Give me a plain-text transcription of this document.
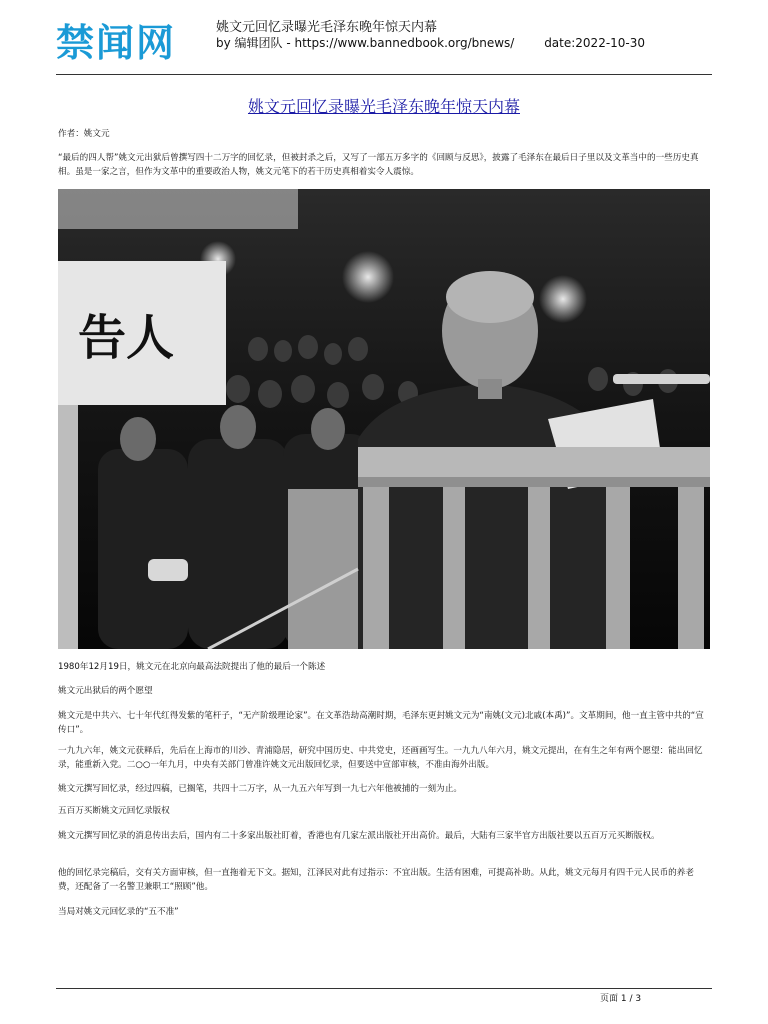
禁闻网	姚文元回忆录曝光毛泽东晚年惊天内幕
by 编辑团队 - https://www.bannedbook.org/bnews/ date:2022-10-30
姚文元回忆录曝光毛泽东晚年惊天内幕

作者：姚文元

“最后的四人帮”姚文元出狱后曾撰写四十二万字的回忆录，但被封杀之后，又写了一部五万多字的《回顾与反思》，披露了毛泽东在最后日子里以及文革当中的一些历史真相。虽是一家之言，但作为文革中的重要政治人物，姚文元笔下的若干历史真相着实令人震惊。

告人

1980年12月19日，姚文元在北京向最高法院提出了他的最后一个陈述

姚文元出狱后的两个愿望

姚文元是中共六、七十年代红得发紫的笔杆子，“无产阶级理论家”。在文革浩劫高潮时期，毛泽东更封姚文元为“南姚(文元)北戚(本禹)”。文革期间，他一直主管中共的“宣传口”。

一九九六年，姚文元获释后，先后在上海市的川沙、青浦隐居，研究中国历史、中共党史，还画画写生。一九九八年六月，姚文元提出，在有生之年有两个愿望：能出回忆录，能重新入党。二○○一年九月，中央有关部门曾准许姚文元出版回忆录，但要送中宣部审核，不准由海外出版。

姚文元撰写回忆录，经过四稿，已搁笔，共四十二万字，从一九五六年写到一九七六年他被捕的一刻为止。

五百万买断姚文元回忆录版权

姚文元撰写回忆录的消息传出去后，国内有二十多家出版社盯着，香港也有几家左派出版社开出高价。最后，大陆有三家半官方出版社要以五百万元买断版权。

他的回忆录完稿后，交有关方面审核，但一直拖着无下文。据知，江泽民对此有过指示：不宜出版。生活有困难，可提高补助。从此，姚文元每月有四千元人民币的养老费，还配备了一名警卫兼职工“照顾”他。

当局对姚文元回忆录的“五不准”

页面 1 / 3
